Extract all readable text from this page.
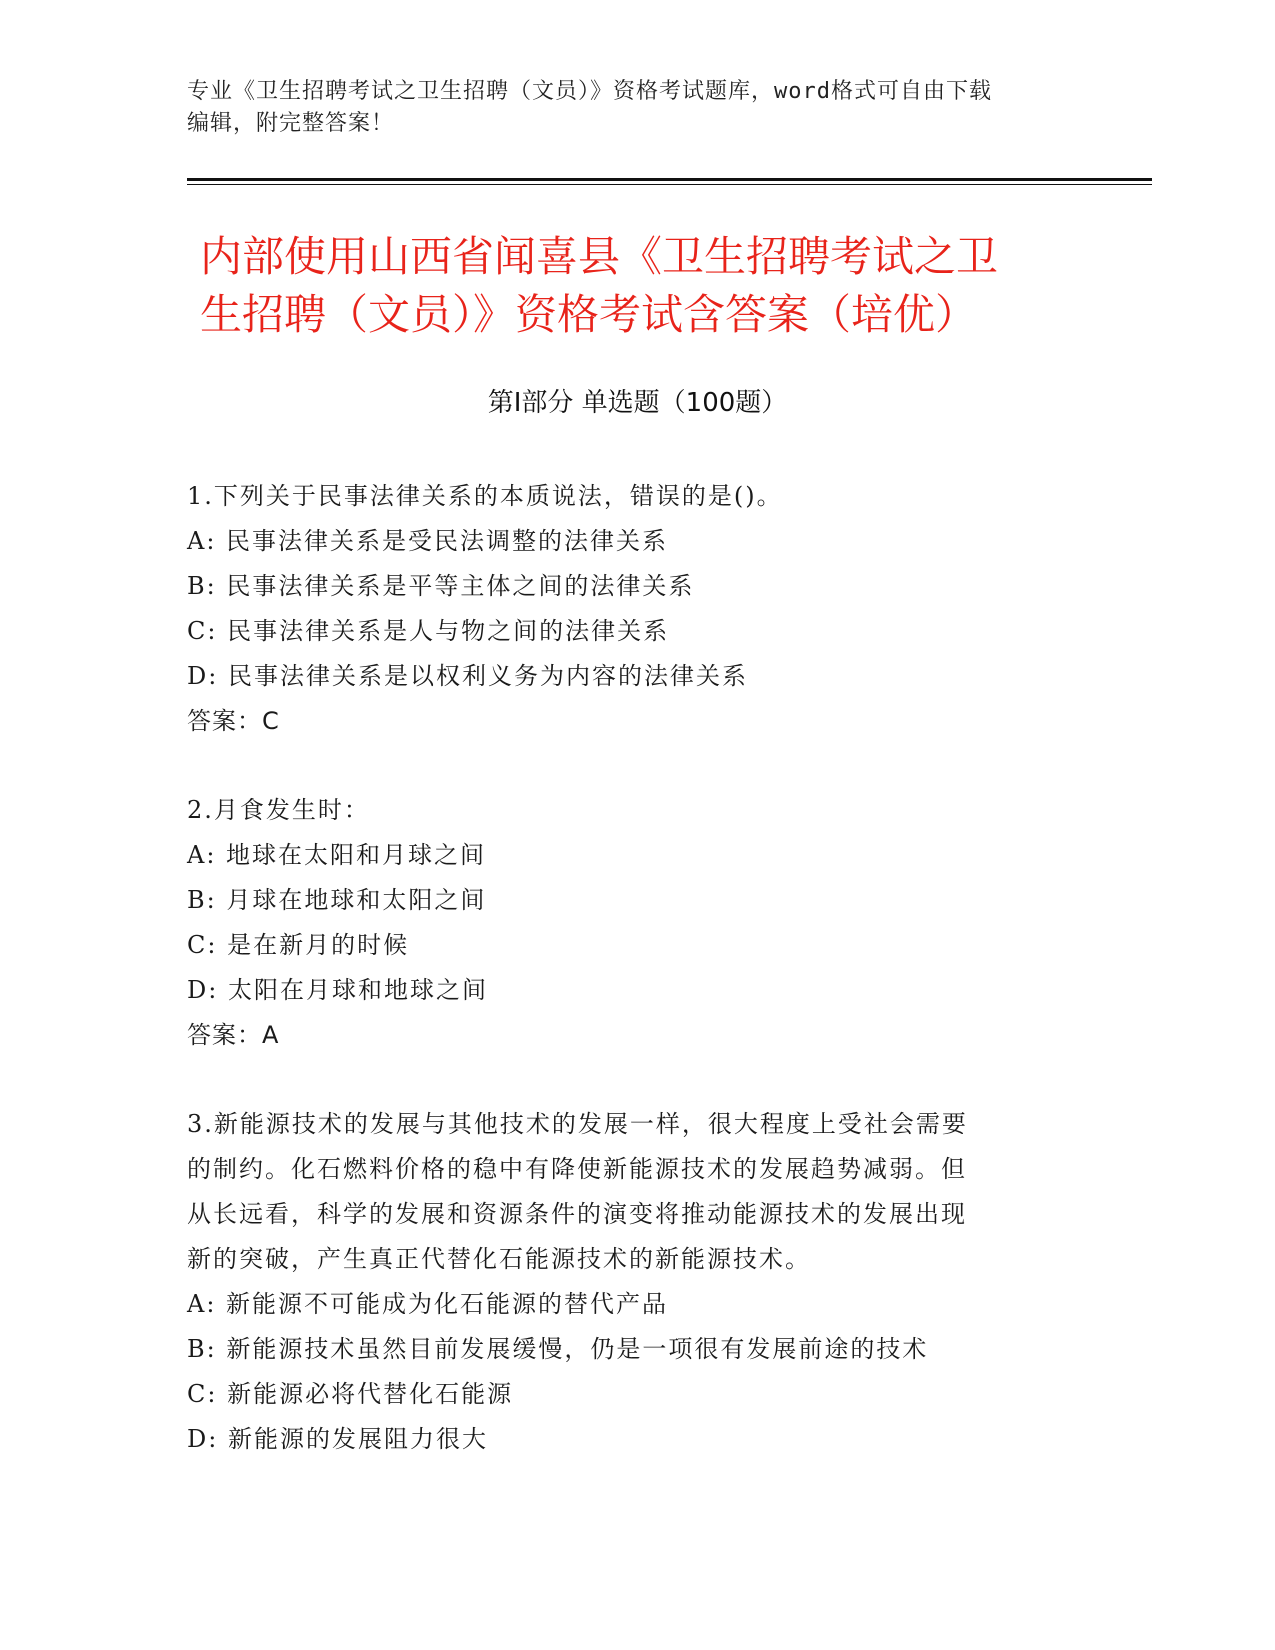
专业《卫生招聘考试之卫生招聘（文员）》资格考试题库，word格式可自由下载
编辑，附完整答案！
内部使用山西省闻喜县《卫生招聘考试之卫
生招聘（文员）》资格考试含答案（培优）
第Ⅰ部分 单选题（100题）
1.下列关于民事法律关系的本质说法，错误的是()。
A: 民事法律关系是受民法调整的法律关系
B: 民事法律关系是平等主体之间的法律关系
C: 民事法律关系是人与物之间的法律关系
D: 民事法律关系是以权利义务为内容的法律关系
答案：C
2.月食发生时：
A: 地球在太阳和月球之间
B: 月球在地球和太阳之间
C: 是在新月的时候
D: 太阳在月球和地球之间
答案：A
3.新能源技术的发展与其他技术的发展一样，很大程度上受社会需要
的制约。化石燃料价格的稳中有降使新能源技术的发展趋势减弱。但
从长远看，科学的发展和资源条件的演变将推动能源技术的发展出现
新的突破，产生真正代替化石能源技术的新能源技术。
A: 新能源不可能成为化石能源的替代产品
B: 新能源技术虽然目前发展缓慢，仍是一项很有发展前途的技术
C: 新能源必将代替化石能源
D: 新能源的发展阻力很大
